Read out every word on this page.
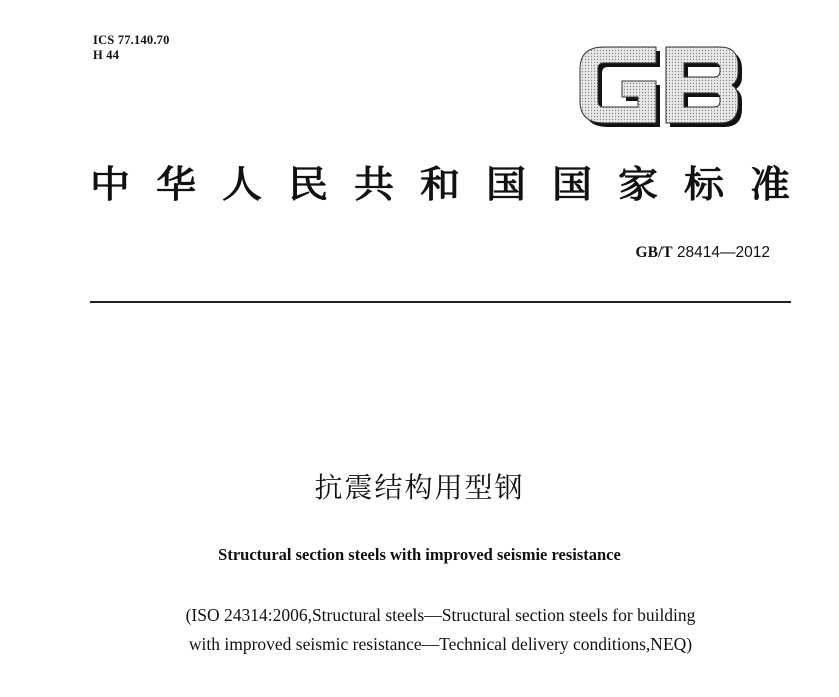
ICS 77.140.70
H 44
中 华 人 民 共 和 国 国 家 标 准
GB/T 28414—2012
抗震结构用型钢
Structural section steels with improved seismie resistance
(ISO 24314:2006,Structural steels—Structural section steels for building
with improved seismic resistance—Technical delivery conditions,NEQ)
